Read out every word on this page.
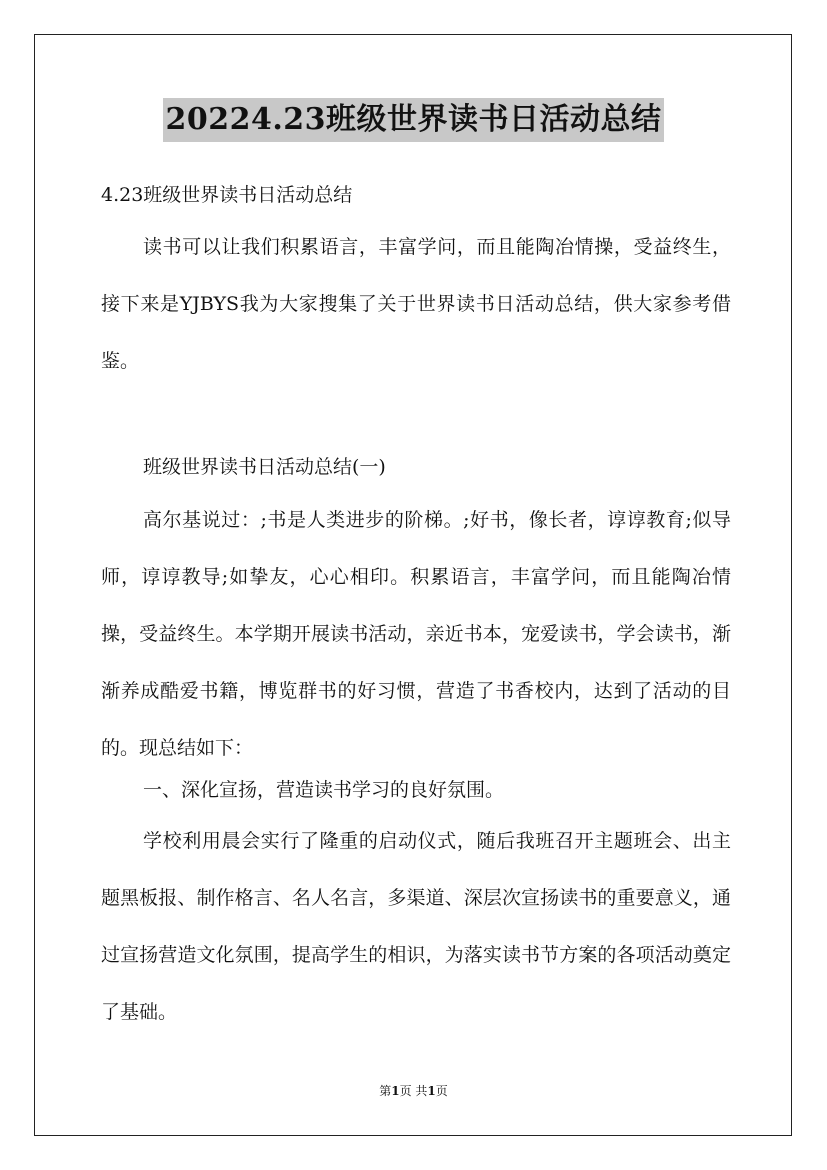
20224.23班级世界读书日活动总结
4.23班级世界读书日活动总结
读书可以让我们积累语言，丰富学问，而且能陶冶情操，受益终生，接下来是YJBYS我为大家搜集了关于世界读书日活动总结，供大家参考借鉴。
班级世界读书日活动总结(一)
高尔基说过：;书是人类进步的阶梯。;好书，像长者，谆谆教育;似导师，谆谆教导;如挚友，心心相印。积累语言，丰富学问，而且能陶冶情操，受益终生。本学期开展读书活动，亲近书本，宠爱读书，学会读书，渐渐养成酷爱书籍，博览群书的好习惯，营造了书香校内，达到了活动的目的。现总结如下：
一、深化宣扬，营造读书学习的良好氛围。
学校利用晨会实行了隆重的启动仪式，随后我班召开主题班会、出主题黑板报、制作格言、名人名言，多渠道、深层次宣扬读书的重要意义，通过宣扬营造文化氛围，提高学生的相识，为落实读书节方案的各项活动奠定了基础。
第1页 共1页
